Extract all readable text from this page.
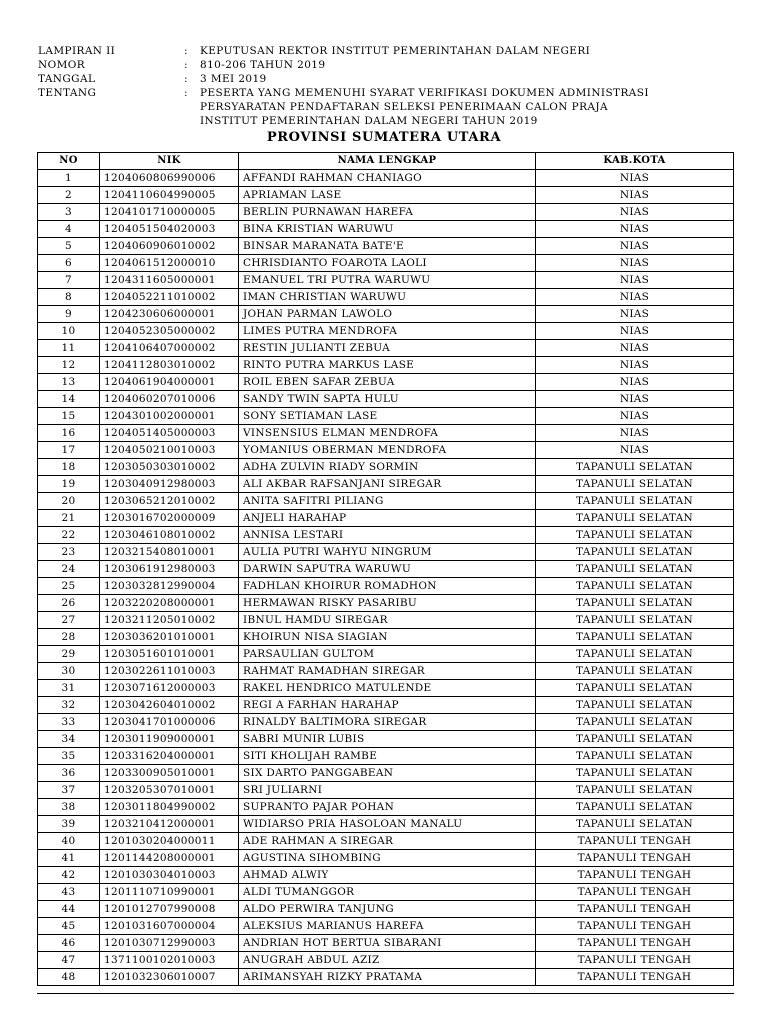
LAMPIRAN II	:	KEPUTUSAN REKTOR INSTITUT PEMERINTAHAN DALAM NEGERI
NOMOR	:	810-206 TAHUN 2019
TANGGAL	:	3 MEI 2019
TENTANG	:	PESERTA YANG MEMENUHI SYARAT VERIFIKASI DOKUMEN ADMINISTRASI
PERSYARATAN PENDAFTARAN SELEKSI PENERIMAAN CALON PRAJA
INSTITUT PEMERINTAHAN DALAM NEGERI TAHUN 2019
PROVINSI SUMATERA UTARA
NO	NIK	NAMA LENGKAP	KAB.KOTA
1	1204060806990006	AFFANDI RAHMAN CHANIAGO	NIAS
2	1204110604990005	APRIAMAN LASE	NIAS
3	1204101710000005	BERLIN PURNAWAN HAREFA	NIAS
4	1204051504020003	BINA KRISTIAN WARUWU	NIAS
5	1204060906010002	BINSAR MARANATA BATE'E	NIAS
6	1204061512000010	CHRISDIANTO FOAROTA LAOLI	NIAS
7	1204311605000001	EMANUEL TRI PUTRA WARUWU	NIAS
8	1204052211010002	IMAN CHRISTIAN WARUWU	NIAS
9	1204230606000001	JOHAN PARMAN LAWOLO	NIAS
10	1204052305000002	LIMES PUTRA MENDROFA	NIAS
11	1204106407000002	RESTIN JULIANTI ZEBUA	NIAS
12	1204112803010002	RINTO PUTRA MARKUS LASE	NIAS
13	1204061904000001	ROIL EBEN SAFAR ZEBUA	NIAS
14	1204060207010006	SANDY TWIN SAPTA HULU	NIAS
15	1204301002000001	SONY SETIAMAN LASE	NIAS
16	1204051405000003	VINSENSIUS ELMAN MENDROFA	NIAS
17	1204050210010003	YOMANIUS OBERMAN MENDROFA	NIAS
18	1203050303010002	ADHA ZULVIN RIADY SORMIN	TAPANULI SELATAN
19	1203040912980003	ALI AKBAR RAFSANJANI SIREGAR	TAPANULI SELATAN
20	1203065212010002	ANITA SAFITRI PILIANG	TAPANULI SELATAN
21	1203016702000009	ANJELI HARAHAP	TAPANULI SELATAN
22	1203046108010002	ANNISA LESTARI	TAPANULI SELATAN
23	1203215408010001	AULIA PUTRI WAHYU NINGRUM	TAPANULI SELATAN
24	1203061912980003	DARWIN SAPUTRA WARUWU	TAPANULI SELATAN
25	1203032812990004	FADHLAN KHOIRUR ROMADHON	TAPANULI SELATAN
26	1203220208000001	HERMAWAN RISKY PASARIBU	TAPANULI SELATAN
27	1203211205010002	IBNUL HAMDU SIREGAR	TAPANULI SELATAN
28	1203036201010001	KHOIRUN NISA SIAGIAN	TAPANULI SELATAN
29	1203051601010001	PARSAULIAN GULTOM	TAPANULI SELATAN
30	1203022611010003	RAHMAT RAMADHAN SIREGAR	TAPANULI SELATAN
31	1203071612000003	RAKEL HENDRICO MATULENDE	TAPANULI SELATAN
32	1203042604010002	REGI A FARHAN HARAHAP	TAPANULI SELATAN
33	1203041701000006	RINALDY BALTIMORA SIREGAR	TAPANULI SELATAN
34	1203011909000001	SABRI MUNIR LUBIS	TAPANULI SELATAN
35	1203316204000001	SITI KHOLIJAH RAMBE	TAPANULI SELATAN
36	1203300905010001	SIX DARTO PANGGABEAN	TAPANULI SELATAN
37	1203205307010001	SRI JULIARNI	TAPANULI SELATAN
38	1203011804990002	SUPRANTO PAJAR POHAN	TAPANULI SELATAN
39	1203210412000001	WIDIARSO PRIA HASOLOAN MANALU	TAPANULI SELATAN
40	1201030204000011	ADE RAHMAN A SIREGAR	TAPANULI TENGAH
41	1201144208000001	AGUSTINA SIHOMBING	TAPANULI TENGAH
42	1201030304010003	AHMAD ALWIY	TAPANULI TENGAH
43	1201110710990001	ALDI TUMANGGOR	TAPANULI TENGAH
44	1201012707990008	ALDO PERWIRA TANJUNG	TAPANULI TENGAH
45	1201031607000004	ALEKSIUS MARIANUS HAREFA	TAPANULI TENGAH
46	1201030712990003	ANDRIAN HOT BERTUA SIBARANI	TAPANULI TENGAH
47	1371100102010003	ANUGRAH ABDUL AZIZ	TAPANULI TENGAH
48	1201032306010007	ARIMANSYAH RIZKY PRATAMA	TAPANULI TENGAH
